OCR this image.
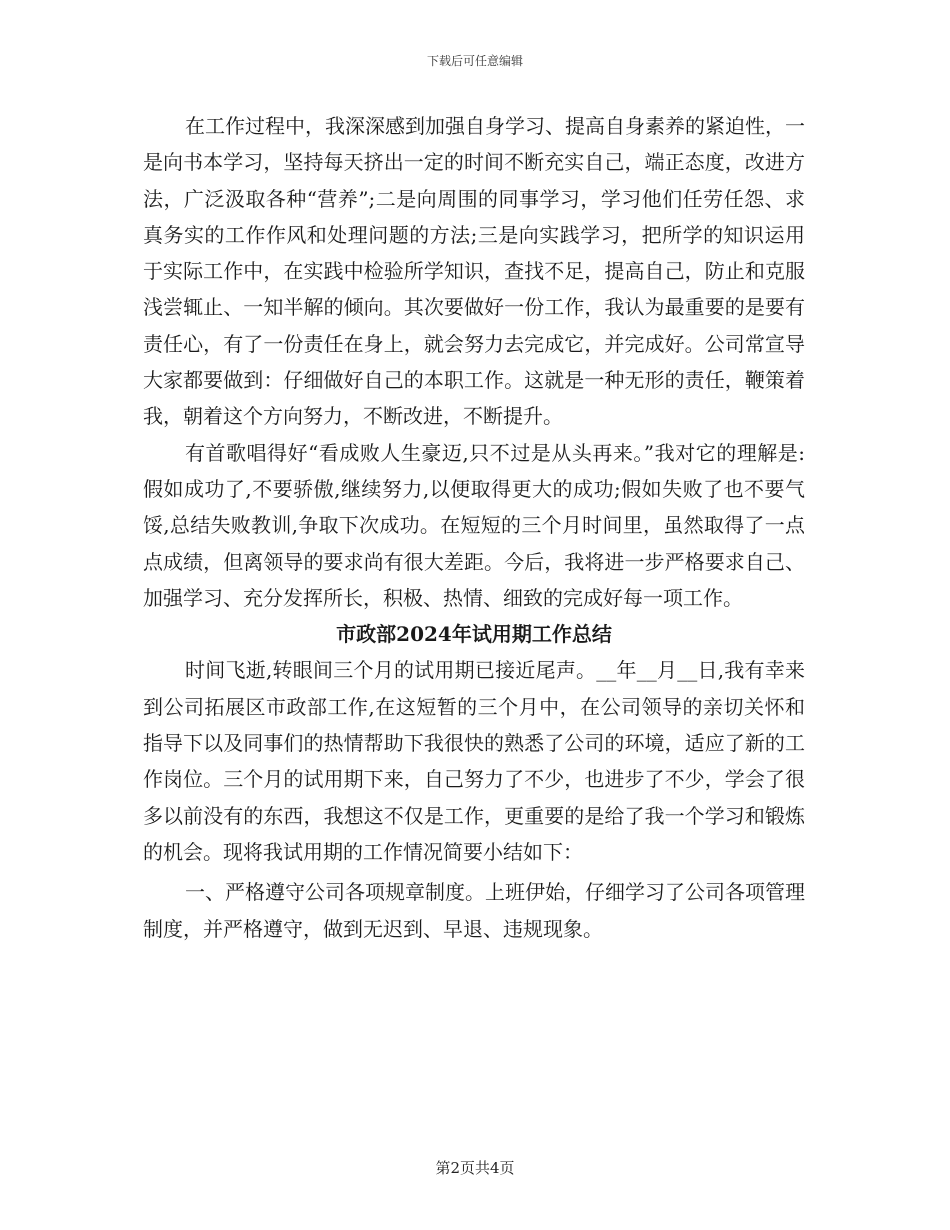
下载后可任意编辑

在工作过程中，我深深感到加强自身学习、提高自身素养的紧迫性，一是向书本学习，坚持每天挤出一定的时间不断充实自己，端正态度，改进方法，广泛汲取各种“营养”;二是向周围的同事学习，学习他们任劳任怨、求真务实的工作作风和处理问题的方法;三是向实践学习，把所学的知识运用于实际工作中，在实践中检验所学知识，查找不足，提高自己，防止和克服浅尝辄止、一知半解的倾向。其次要做好一份工作，我认为最重要的是要有责任心，有了一份责任在身上，就会努力去完成它，并完成好。公司常宣导大家都要做到：仔细做好自己的本职工作。这就是一种无形的责任，鞭策着我，朝着这个方向努力，不断改进，不断提升。

有首歌唱得好“看成败人生豪迈,只不过是从头再来。”我对它的理解是:假如成功了,不要骄傲,继续努力,以便取得更大的成功;假如失败了也不要气馁,总结失败教训,争取下次成功。在短短的三个月时间里，虽然取得了一点点成绩，但离领导的要求尚有很大差距。今后，我将进一步严格要求自己、加强学习、充分发挥所长，积极、热情、细致的完成好每一项工作。

市政部2024年试用期工作总结

时间飞逝,转眼间三个月的试用期已接近尾声。__年__月__日,我有幸来到公司拓展区市政部工作,在这短暂的三个月中，在公司领导的亲切关怀和指导下以及同事们的热情帮助下我很快的熟悉了公司的环境，适应了新的工作岗位。三个月的试用期下来，自己努力了不少，也进步了不少，学会了很多以前没有的东西，我想这不仅是工作，更重要的是给了我一个学习和锻炼的机会。现将我试用期的工作情况简要小结如下：

一、严格遵守公司各项规章制度。上班伊始，仔细学习了公司各项管理制度，并严格遵守，做到无迟到、早退、违规现象。

第2页共4页
